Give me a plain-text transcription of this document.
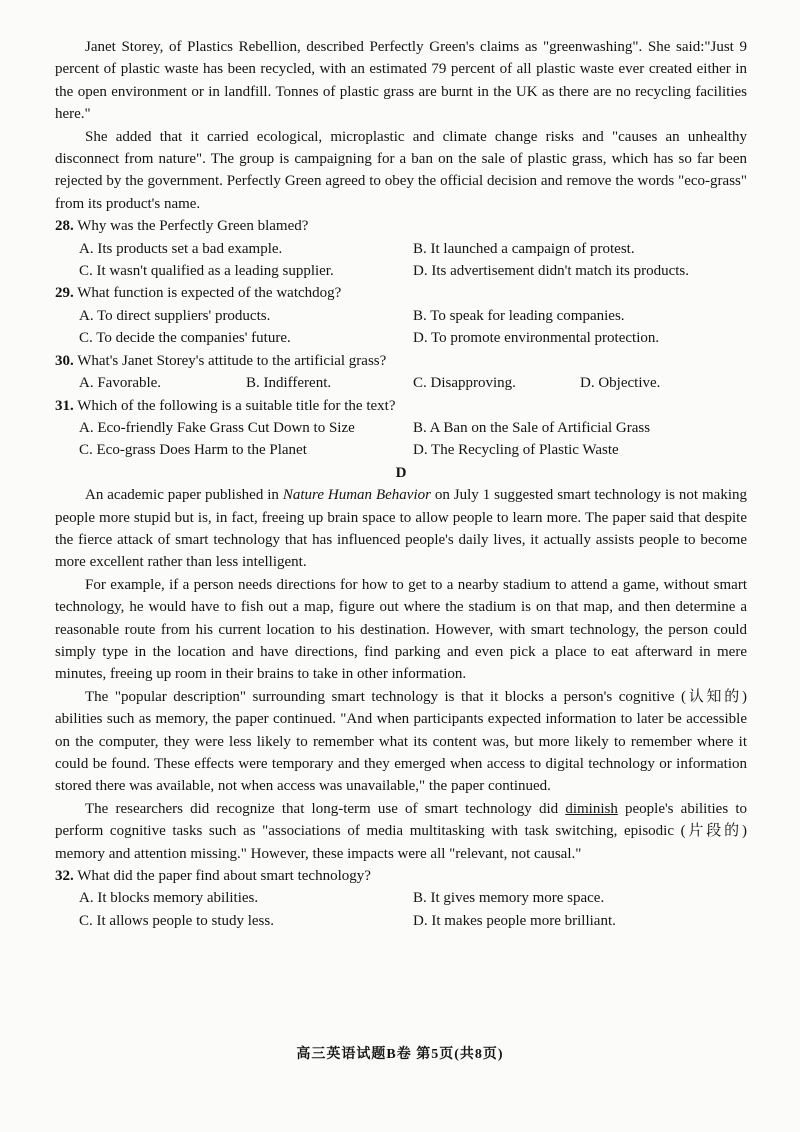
Janet Storey, of Plastics Rebellion, described Perfectly Green's claims as "greenwashing". She said:"Just 9 percent of plastic waste has been recycled, with an estimated 79 percent of all plastic waste ever created either in the open environment or in landfill. Tonnes of plastic grass are burnt in the UK as there are no recycling facilities here."

She added that it carried ecological, microplastic and climate change risks and "causes an unhealthy disconnect from nature". The group is campaigning for a ban on the sale of plastic grass, which has so far been rejected by the government. Perfectly Green agreed to obey the official decision and remove the words "eco-grass" from its product's name.

28. Why was the Perfectly Green blamed?

A. Its products set a bad example.	B. It launched a campaign of protest.
C. It wasn't qualified as a leading supplier.	D. Its advertisement didn't match its products.

29. What function is expected of the watchdog?

A. To direct suppliers' products.	B. To speak for leading companies.
C. To decide the companies' future.	D. To promote environmental protection.

30. What's Janet Storey's attitude to the artificial grass?

A. Favorable.	B. Indifferent.	C. Disapproving.	D. Objective.

31. Which of the following is a suitable title for the text?

A. Eco-friendly Fake Grass Cut Down to Size	B. A Ban on the Sale of Artificial Grass
C. Eco-grass Does Harm to the Planet	D. The Recycling of Plastic Waste

D

An academic paper published in Nature Human Behavior on July 1 suggested smart technology is not making people more stupid but is, in fact, freeing up brain space to allow people to learn more. The paper said that despite the fierce attack of smart technology that has influenced people's daily lives, it actually assists people to become more excellent rather than less intelligent.

For example, if a person needs directions for how to get to a nearby stadium to attend a game, without smart technology, he would have to fish out a map, figure out where the stadium is on that map, and then determine a reasonable route from his current location to his destination. However, with smart technology, the person could simply type in the location and have directions, find parking and even pick a place to eat afterward in mere minutes, freeing up room in their brains to take in other information.

The "popular description" surrounding smart technology is that it blocks a person's cognitive (认知的) abilities such as memory, the paper continued. "And when participants expected information to later be accessible on the computer, they were less likely to remember what its content was, but more likely to remember where it could be found. These effects were temporary and they emerged when access to digital technology or information stored there was available, not when access was unavailable," the paper continued.

The researchers did recognize that long-term use of smart technology did diminish people's abilities to perform cognitive tasks such as "associations of media multitasking with task switching, episodic (片段的) memory and attention missing." However, these impacts were all "relevant, not causal."

32. What did the paper find about smart technology?

A. It blocks memory abilities.	B. It gives memory more space.
C. It allows people to study less.	D. It makes people more brilliant.
高三英语试题B卷 第5页(共8页)
